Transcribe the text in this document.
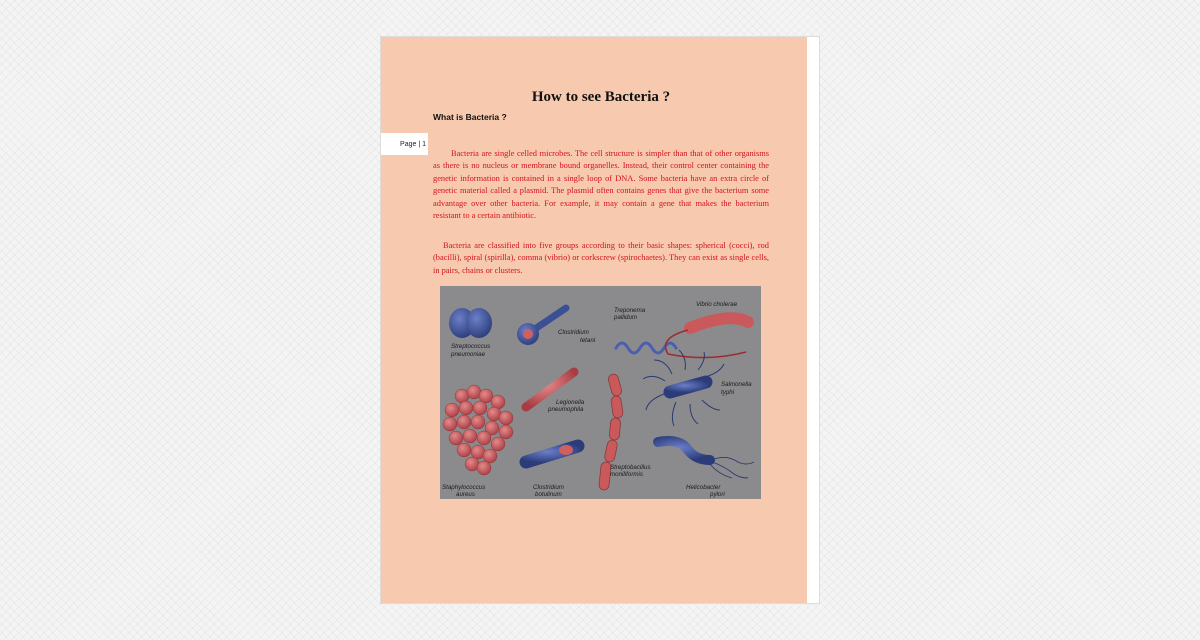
How to see Bacteria ?
What is Bacteria ?
Page | 1

Bacteria are single celled microbes. The cell structure is simpler than that of other organisms as there is no nucleus or membrane bound organelles. Instead, their control center containing the genetic information is contained in a single loop of DNA. Some bacteria have an extra circle of genetic material called a plasmid. The plasmid often contains genes that give the bacterium some advantage over other bacteria. For example, it may contain a gene that makes the bacterium resistant to a certain antibiotic.

Bacteria are classified into five groups according to their basic shapes: spherical (cocci), rod (bacilli), spiral (spirilla), comma (vibrio) or corkscrew (spirochaetes). They can exist as single cells, in pairs, chains or clusters.

Streptococcus
pneumoniae
Clostridium
tetani
Treponema
pallidum
Vibrio cholerae
Salmonella
typhi
Legionella
pneumophila
Staphylococcus
aureus
Clostridium
botulinum
Streptobacillus
moniliformis
Helicobacter
pylori
